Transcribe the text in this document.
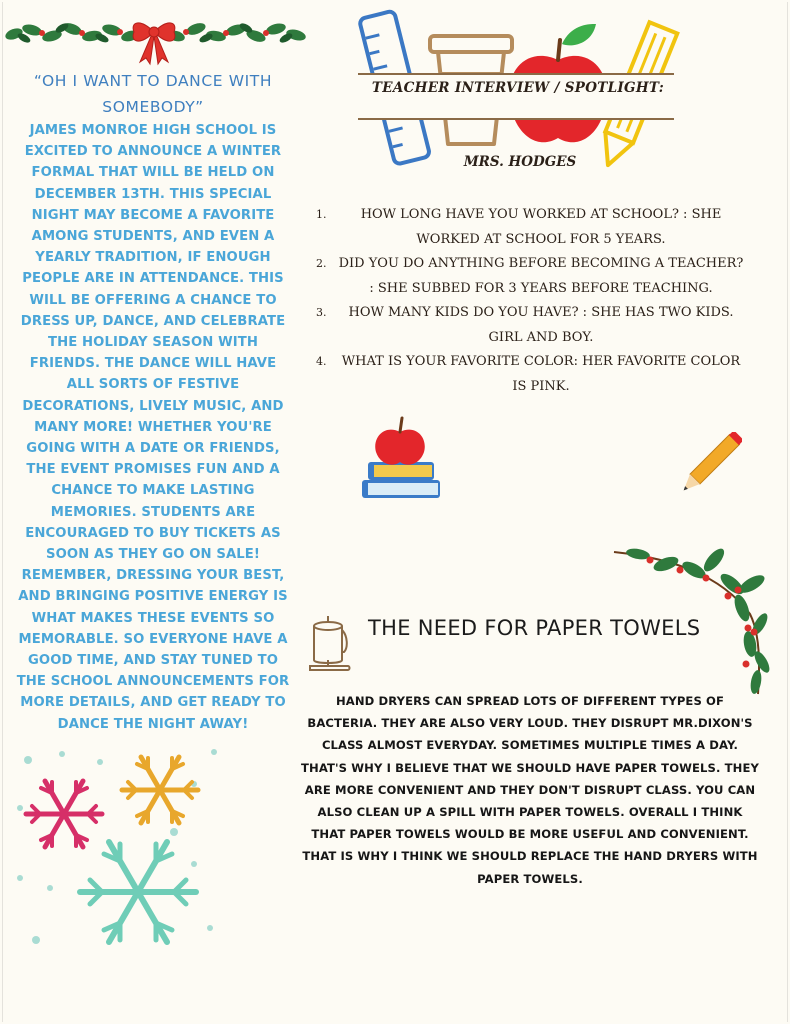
“OH I WANT TO DANCE WITH SOMEBODY”

JAMES MONROE HIGH SCHOOL IS EXCITED TO ANNOUNCE A WINTER FORMAL THAT WILL BE HELD ON DECEMBER 13TH. THIS SPECIAL NIGHT MAY BECOME A FAVORITE AMONG STUDENTS, AND EVEN A YEARLY TRADITION, IF ENOUGH PEOPLE ARE IN ATTENDANCE. THIS WILL BE OFFERING A CHANCE TO DRESS UP, DANCE, AND CELEBRATE THE HOLIDAY SEASON WITH FRIENDS. THE DANCE WILL HAVE ALL SORTS OF FESTIVE DECORATIONS, LIVELY MUSIC, AND MANY MORE! WHETHER YOU'RE GOING WITH A DATE OR FRIENDS, THE EVENT PROMISES FUN AND A CHANCE TO MAKE LASTING MEMORIES. STUDENTS ARE ENCOURAGED TO BUY TICKETS AS SOON AS THEY GO ON SALE! REMEMBER, DRESSING YOUR BEST, AND BRINGING POSITIVE ENERGY IS WHAT MAKES THESE EVENTS SO MEMORABLE. SO EVERYONE HAVE A GOOD TIME, AND STAY TUNED TO THE SCHOOL ANNOUNCEMENTS FOR MORE DETAILS, AND GET READY TO DANCE THE NIGHT AWAY!

TEACHER INTERVIEW / SPOTLIGHT:
MRS. HODGES
1.	HOW LONG HAVE YOU WORKED AT SCHOOL? : SHE WORKED AT SCHOOL FOR 5 YEARS.
2. DID YOU DO ANYTHING BEFORE BECOMING A TEACHER? : SHE SUBBED FOR 3 YEARS BEFORE TEACHING.
3.	HOW MANY KIDS DO YOU HAVE? : SHE HAS TWO KIDS. GIRL AND BOY.
4.	WHAT IS YOUR FAVORITE COLOR: HER FAVORITE COLOR IS PINK.
THE NEED FOR PAPER TOWELS

HAND DRYERS CAN SPREAD LOTS OF DIFFERENT TYPES OF BACTERIA. THEY ARE ALSO VERY LOUD. THEY DISRUPT MR.DIXON'S CLASS ALMOST EVERYDAY. SOMETIMES MULTIPLE TIMES A DAY. THAT'S WHY I BELIEVE THAT WE SHOULD HAVE PAPER TOWELS. THEY ARE MORE CONVENIENT AND THEY DON'T DISRUPT CLASS. YOU CAN ALSO CLEAN UP A SPILL WITH PAPER TOWELS. OVERALL I THINK THAT PAPER TOWELS WOULD BE MORE USEFUL AND CONVENIENT. THAT IS WHY I THINK WE SHOULD REPLACE THE HAND DRYERS WITH PAPER TOWELS.
